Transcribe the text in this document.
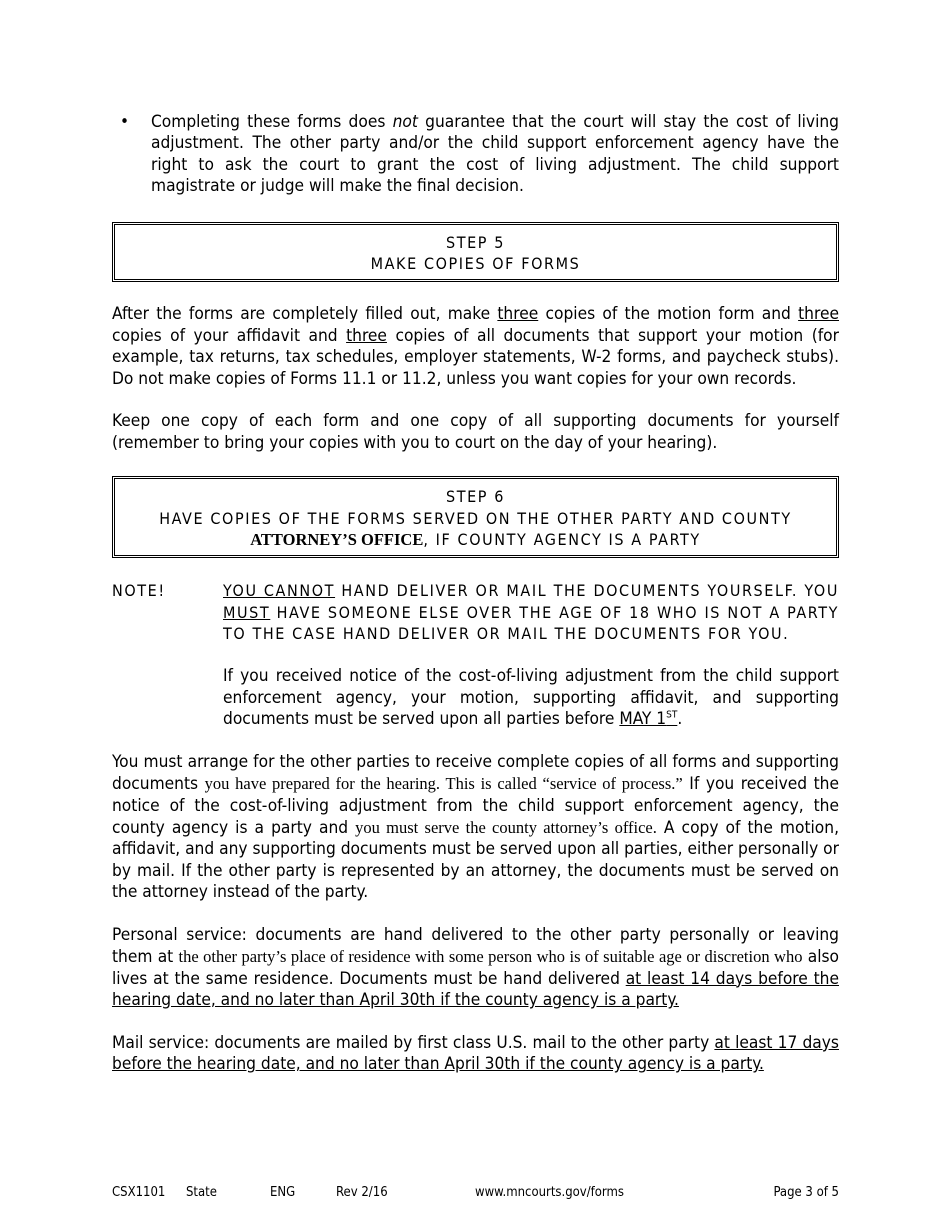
• Completing these forms does not guarantee that the court will stay the cost of living adjustment. The other party and/or the child support enforcement agency have the right to ask the court to grant the cost of living adjustment. The child support magistrate or judge will make the final decision.

STEP 5
MAKE COPIES OF FORMS

After the forms are completely filled out, make three copies of the motion form and three copies of your affidavit and three copies of all documents that support your motion (for example, tax returns, tax schedules, employer statements, W-2 forms, and paycheck stubs). Do not make copies of Forms 11.1 or 11.2, unless you want copies for your own records.

Keep one copy of each form and one copy of all supporting documents for yourself (remember to bring your copies with you to court on the day of your hearing).

STEP 6
HAVE COPIES OF THE FORMS SERVED ON THE OTHER PARTY AND COUNTY
ATTORNEY’S OFFICE, IF COUNTY AGENCY IS A PARTY
NOTE!	YOU CANNOT HAND DELIVER OR MAIL THE DOCUMENTS YOURSELF. YOU MUST HAVE SOMEONE ELSE OVER THE AGE OF 18 WHO IS NOT A PARTY TO THE CASE HAND DELIVER OR MAIL THE DOCUMENTS FOR YOU.

If you received notice of the cost-of-living adjustment from the child support enforcement agency, your motion, supporting affidavit, and supporting documents must be served upon all parties before MAY 1ST.

You must arrange for the other parties to receive complete copies of all forms and supporting documents you have prepared for the hearing. This is called “service of process.” If you received the notice of the cost-of-living adjustment from the child support enforcement agency, the county agency is a party and you must serve the county attorney’s office. A copy of the motion, affidavit, and any supporting documents must be served upon all parties, either personally or by mail. If the other party is represented by an attorney, the documents must be served on the attorney instead of the party.

Personal service: documents are hand delivered to the other party personally or leaving them at the other party’s place of residence with some person who is of suitable age or discretion who also lives at the same residence. Documents must be hand delivered at least 14 days before the hearing date, and no later than April 30th if the county agency is a party.

Mail service: documents are mailed by first class U.S. mail to the other party at least 17 days before the hearing date, and no later than April 30th if the county agency is a party.

CSX1101 State	ENG	Rev 2/16	www.mncourts.gov/forms	Page 3 of 5
